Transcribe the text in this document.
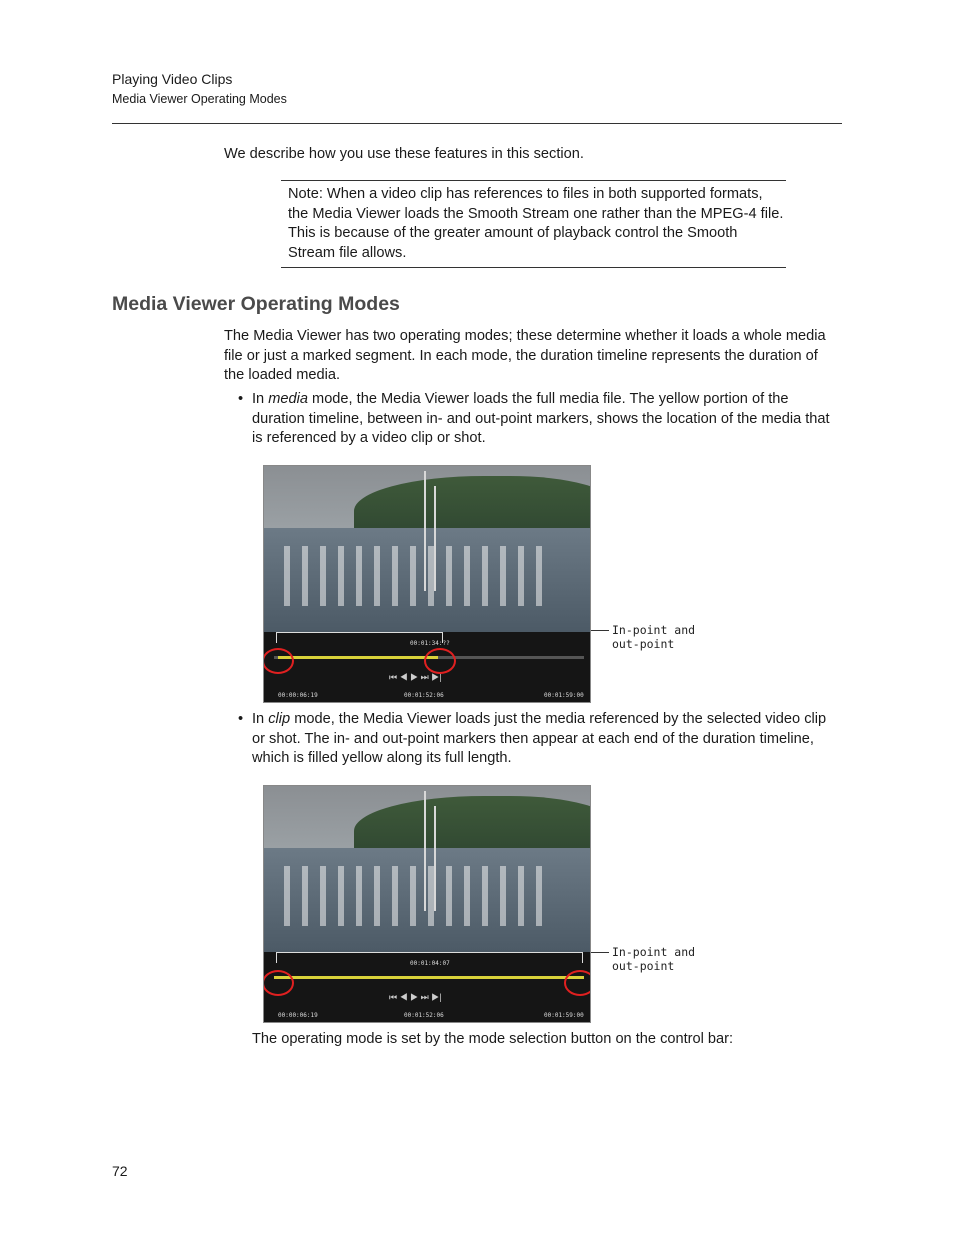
Playing Video Clips
Media Viewer Operating Modes
We describe how you use these features in this section.
Note: When a video clip has references to files in both supported formats, the Media Viewer loads the Smooth Stream one rather than the MPEG-4 file. This is because of the greater amount of playback control the Smooth Stream file allows.
Media Viewer Operating Modes
The Media Viewer has two operating modes; these determine whether it loads a whole media file or just a marked segment. In each mode, the duration timeline represents the duration of the loaded media.
• In media mode, the Media Viewer loads the full media file. The yellow portion of the duration timeline, between in- and out-point markers, shows the location of the media that is referenced by a video clip or shot.
00:01:34:??
⏮ ◀ ▶ ⏭ ▶|
00:00:06:19	00:01:52:06	00:01:59:00
In-point and
out-point
• In clip mode, the Media Viewer loads just the media referenced by the selected video clip or shot. The in- and out-point markers then appear at each end of the duration timeline, which is filled yellow along its full length.
00:01:04:07
⏮ ◀ ▶ ⏭ ▶|
00:00:06:19	00:01:52:06	00:01:59:00
In-point and
out-point
The operating mode is set by the mode selection button on the control bar:
72
